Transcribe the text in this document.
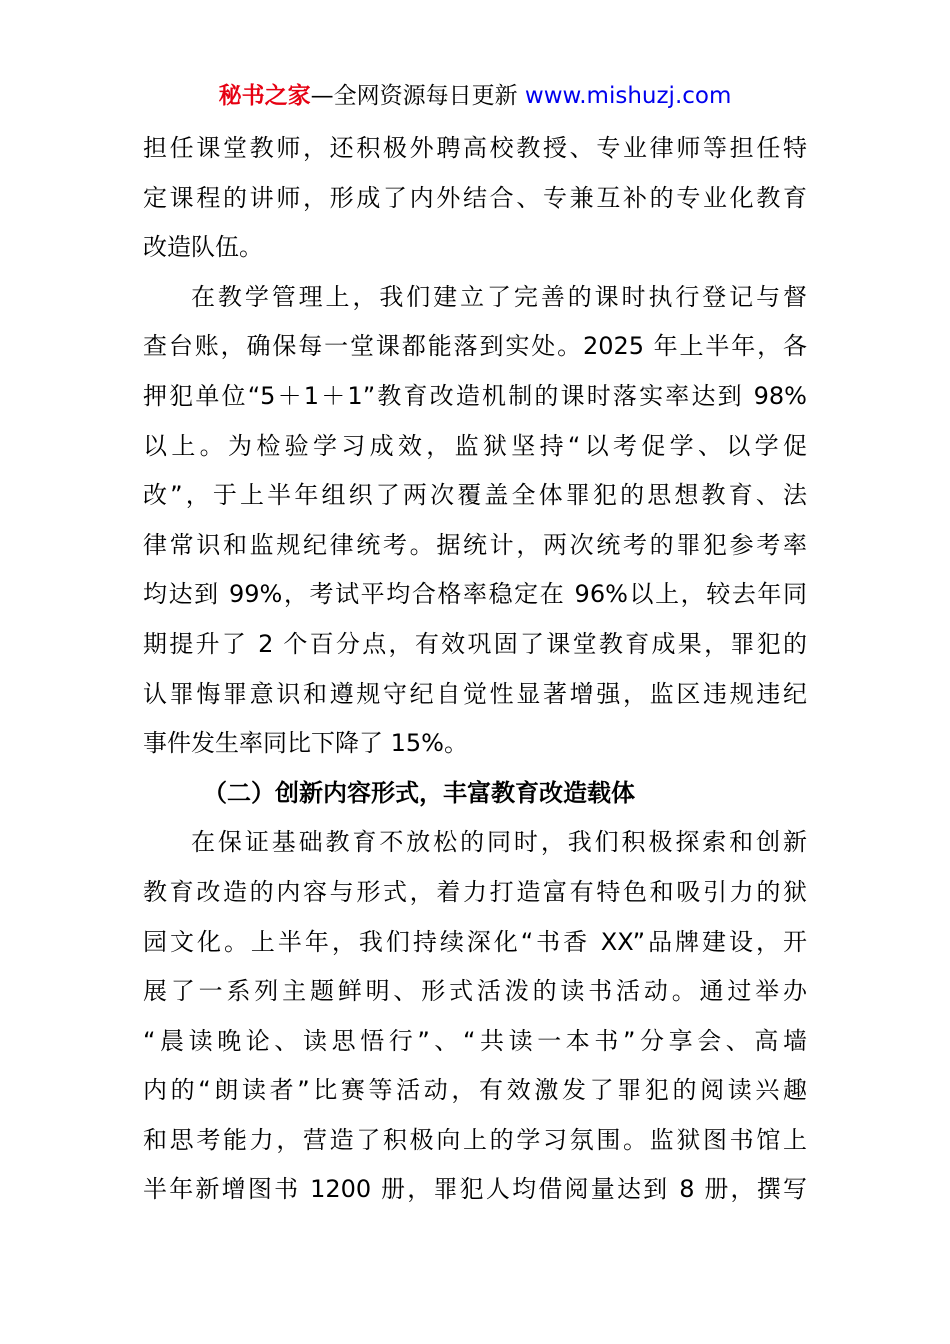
秘书之家—全网资源每日更新 www.mishuzj.com
担任课堂教师，还积极外聘高校教授、专业律师等担任特
定课程的讲师，形成了内外结合、专兼互补的专业化教育
改造队伍。
在教学管理上，我们建立了完善的课时执行登记与督
查台账，确保每一堂课都能落到实处。2025 年上半年，各
押犯单位“5＋1＋1”教育改造机制的课时落实率达到 98%
以上。为检验学习成效，监狱坚持“以考促学、以学促
改”，于上半年组织了两次覆盖全体罪犯的思想教育、法
律常识和监规纪律统考。据统计，两次统考的罪犯参考率
均达到 99%，考试平均合格率稳定在 96%以上，较去年同
期提升了 2 个百分点，有效巩固了课堂教育成果，罪犯的
认罪悔罪意识和遵规守纪自觉性显著增强，监区违规违纪
事件发生率同比下降了 15%。
（二）创新内容形式，丰富教育改造载体
在保证基础教育不放松的同时，我们积极探索和创新
教育改造的内容与形式，着力打造富有特色和吸引力的狱
园文化。上半年，我们持续深化“书香 XX”品牌建设，开
展了一系列主题鲜明、形式活泼的读书活动。通过举办
“晨读晚论、读思悟行”、“共读一本书”分享会、高墙
内的“朗读者”比赛等活动，有效激发了罪犯的阅读兴趣
和思考能力，营造了积极向上的学习氛围。监狱图书馆上
半年新增图书 1200 册，罪犯人均借阅量达到 8 册，撰写
